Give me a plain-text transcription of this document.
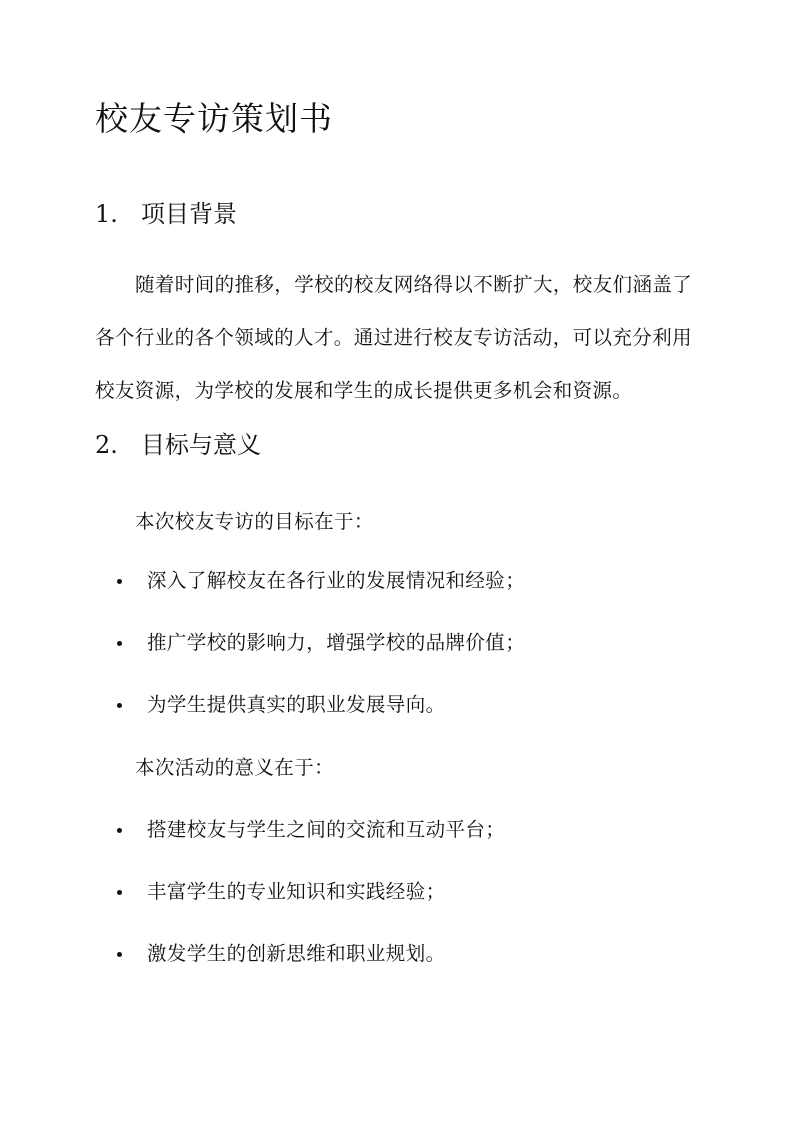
校友专访策划书
1. 项目背景

随着时间的推移，学校的校友网络得以不断扩大，校友们涵盖了各个行业的各个领域的人才。通过进行校友专访活动，可以充分利用校友资源，为学校的发展和学生的成长提供更多机会和资源。

2. 目标与意义

本次校友专访的目标在于：

深入了解校友在各行业的发展情况和经验；
推广学校的影响力，增强学校的品牌价值；
为学生提供真实的职业发展导向。

本次活动的意义在于：

搭建校友与学生之间的交流和互动平台；
丰富学生的专业知识和实践经验；
激发学生的创新思维和职业规划。
